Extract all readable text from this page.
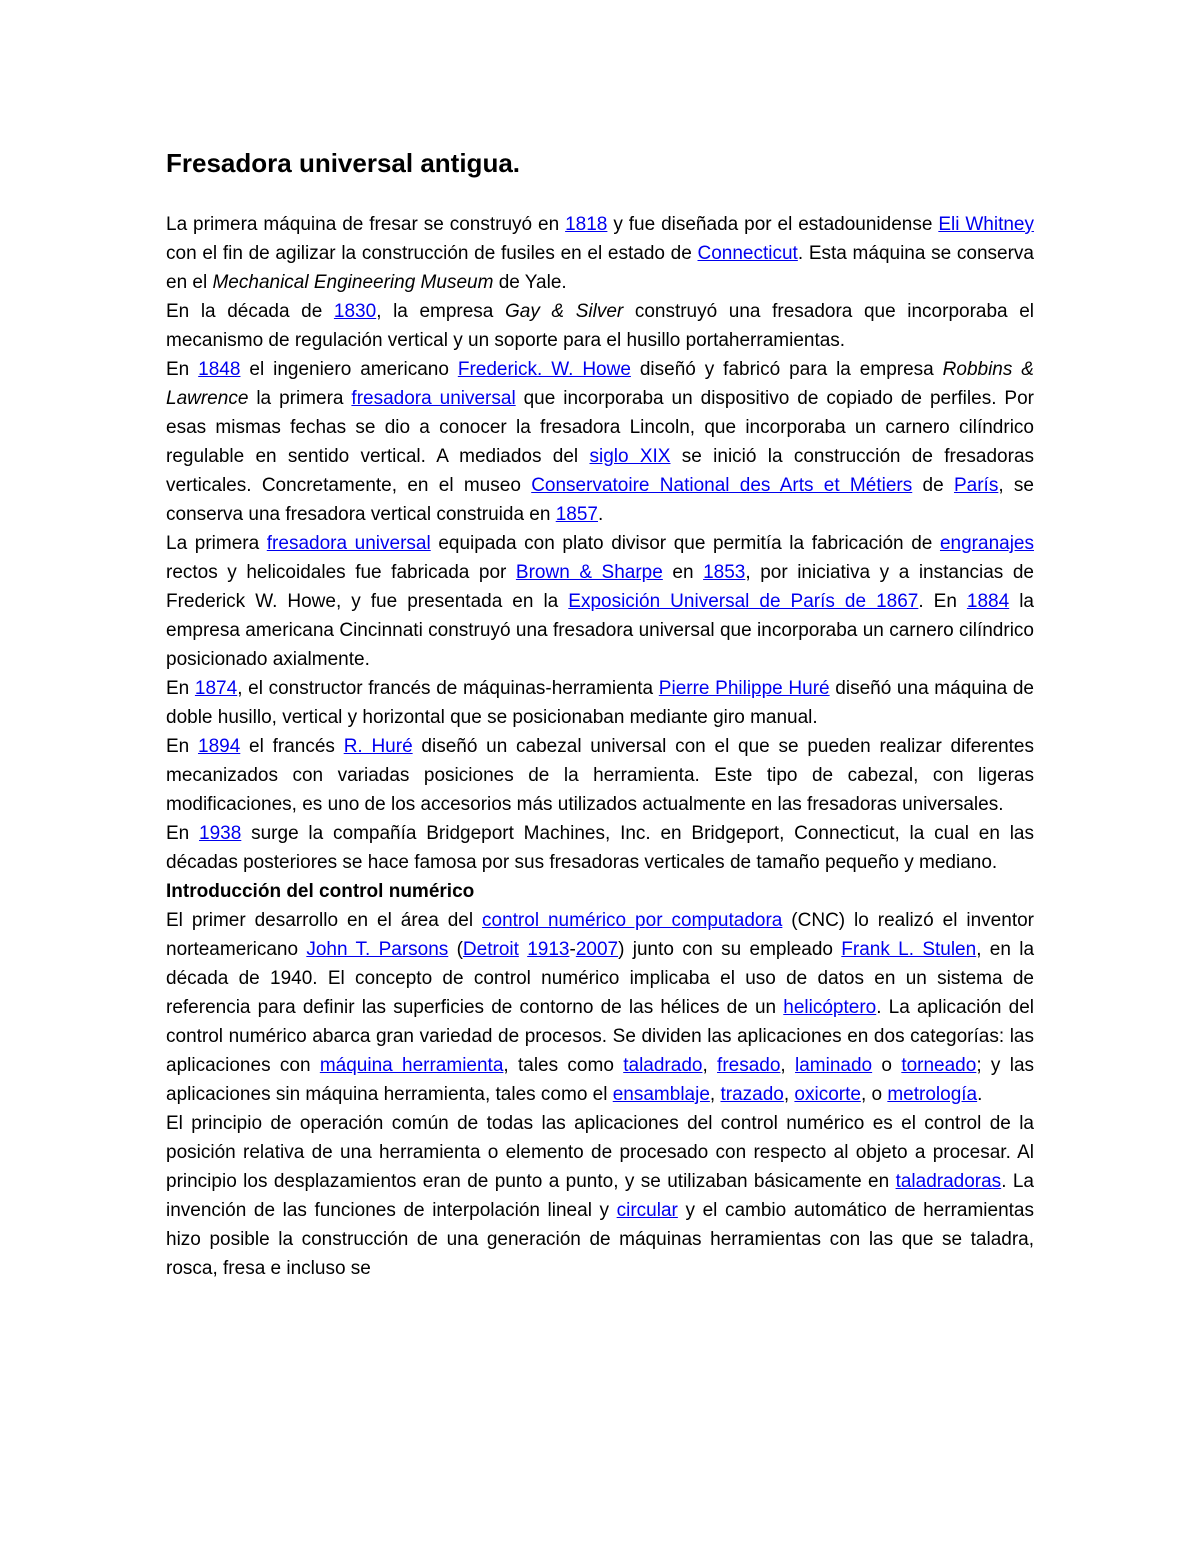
Fresadora universal antigua.

La primera máquina de fresar se construyó en 1818 y fue diseñada por el estadounidense Eli Whitney con el fin de agilizar la construcción de fusiles en el estado de Connecticut. Esta máquina se conserva en el Mechanical Engineering Museum de Yale.

En la década de 1830, la empresa Gay & Silver construyó una fresadora que incorporaba el mecanismo de regulación vertical y un soporte para el husillo portaherramientas.

En 1848 el ingeniero americano Frederick. W. Howe diseñó y fabricó para la empresa Robbins & Lawrence la primera fresadora universal que incorporaba un dispositivo de copiado de perfiles. Por esas mismas fechas se dio a conocer la fresadora Lincoln, que incorporaba un carnero cilíndrico regulable en sentido vertical. A mediados del siglo XIX se inició la construcción de fresadoras verticales. Concretamente, en el museo Conservatoire National des Arts et Métiers de París, se conserva una fresadora vertical construida en 1857.

La primera fresadora universal equipada con plato divisor que permitía la fabricación de engranajes rectos y helicoidales fue fabricada por Brown & Sharpe en 1853, por iniciativa y a instancias de Frederick W. Howe, y fue presentada en la Exposición Universal de París de 1867. En 1884 la empresa americana Cincinnati construyó una fresadora universal que incorporaba un carnero cilíndrico posicionado axialmente.

En 1874, el constructor francés de máquinas-herramienta Pierre Philippe Huré diseñó una máquina de doble husillo, vertical y horizontal que se posicionaban mediante giro manual.

En 1894 el francés R. Huré diseñó un cabezal universal con el que se pueden realizar diferentes mecanizados con variadas posiciones de la herramienta. Este tipo de cabezal, con ligeras modificaciones, es uno de los accesorios más utilizados actualmente en las fresadoras universales.

En 1938 surge la compañía Bridgeport Machines, Inc. en Bridgeport, Connecticut, la cual en las décadas posteriores se hace famosa por sus fresadoras verticales de tamaño pequeño y mediano.

Introducción del control numérico

El primer desarrollo en el área del control numérico por computadora (CNC) lo realizó el inventor norteamericano John T. Parsons (Detroit 1913-2007) junto con su empleado Frank L. Stulen, en la década de 1940. El concepto de control numérico implicaba el uso de datos en un sistema de referencia para definir las superficies de contorno de las hélices de un helicóptero. La aplicación del control numérico abarca gran variedad de procesos. Se dividen las aplicaciones en dos categorías: las aplicaciones con máquina herramienta, tales como taladrado, fresado, laminado o torneado; y las aplicaciones sin máquina herramienta, tales como el ensamblaje, trazado, oxicorte, o metrología.

El principio de operación común de todas las aplicaciones del control numérico es el control de la posición relativa de una herramienta o elemento de procesado con respecto al objeto a procesar. Al principio los desplazamientos eran de punto a punto, y se utilizaban básicamente en taladradoras. La invención de las funciones de interpolación lineal y circular y el cambio automático de herramientas hizo posible la construcción de una generación de máquinas herramientas con las que se taladra, rosca, fresa e incluso se
